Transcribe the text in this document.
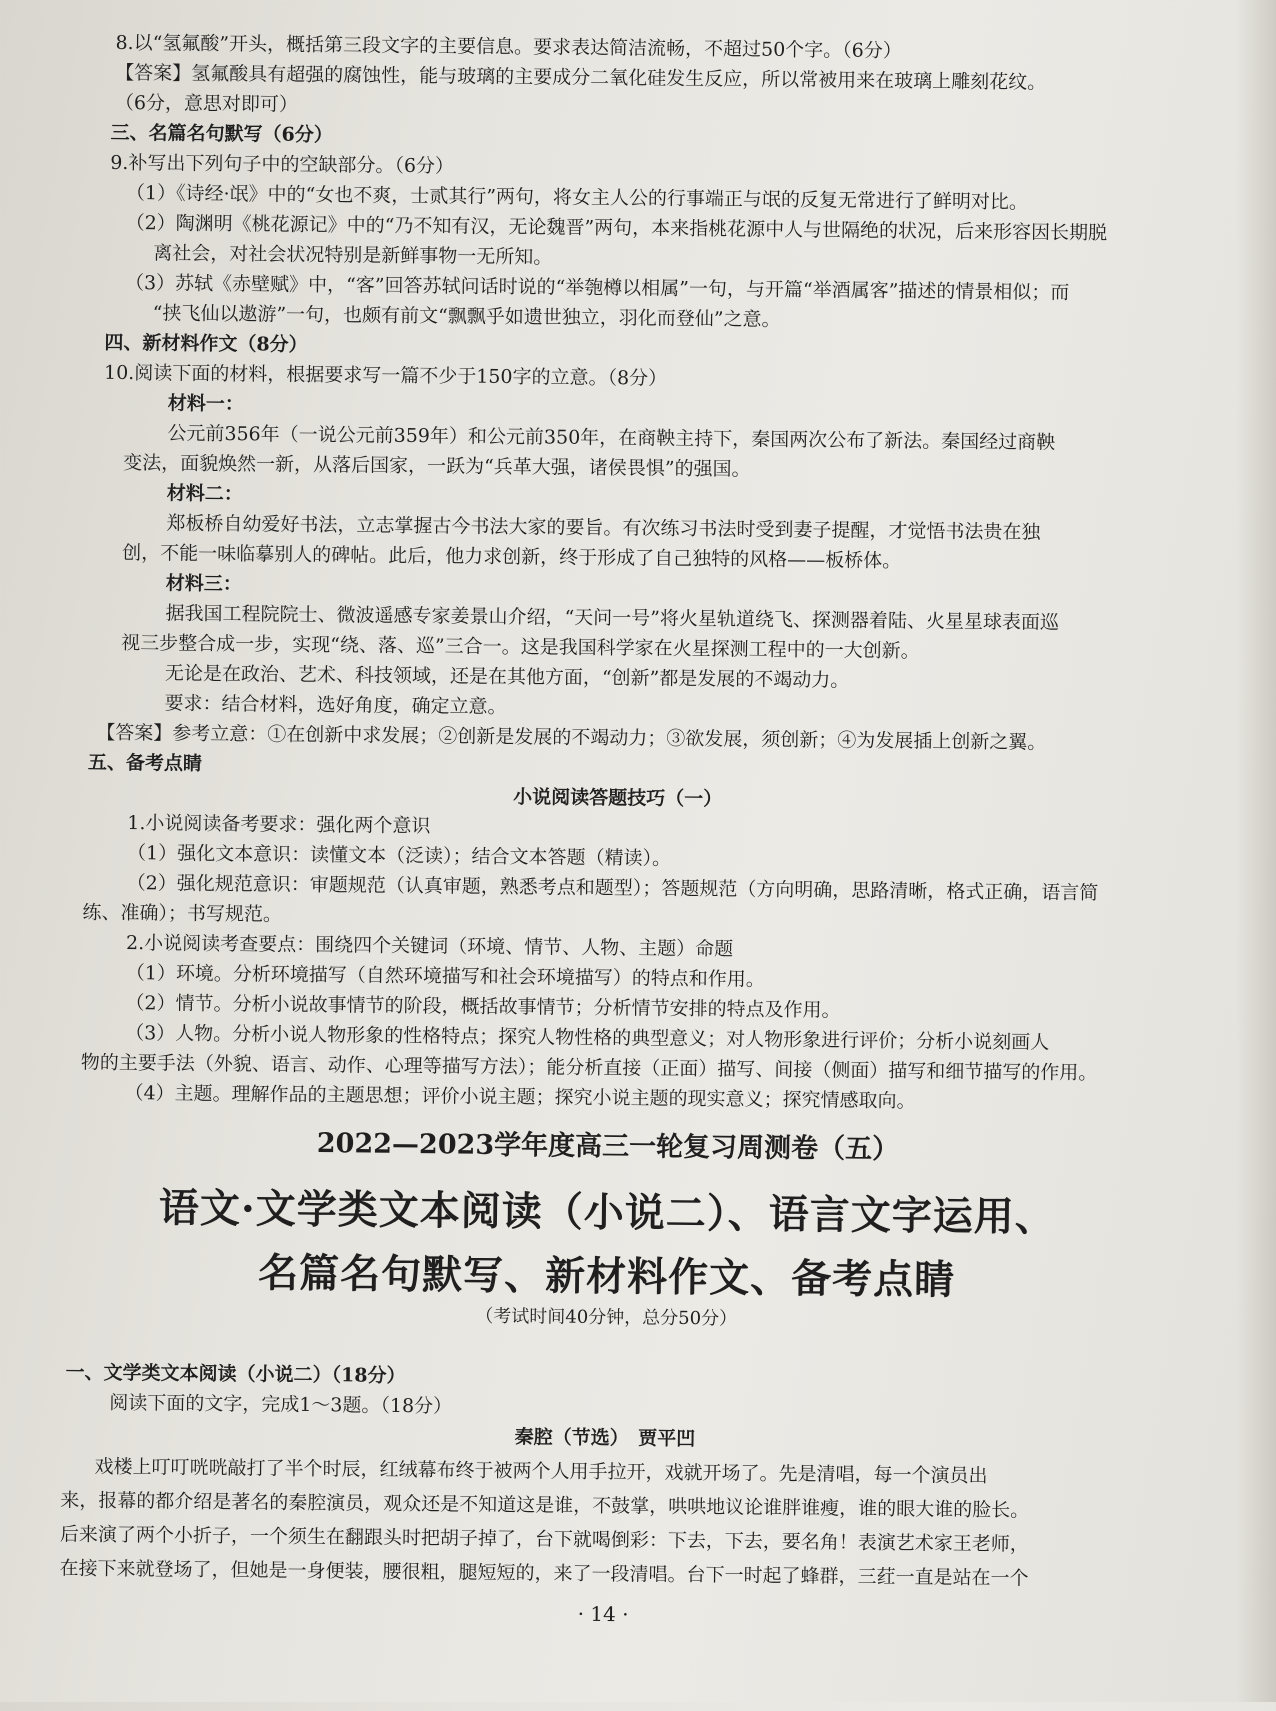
8.以“氢氟酸”开头，概括第三段文字的主要信息。要求表达简洁流畅，不超过50个字。（6分）
【答案】氢氟酸具有超强的腐蚀性，能与玻璃的主要成分二氧化硅发生反应，所以常被用来在玻璃上雕刻花纹。
（6分，意思对即可）
三、名篇名句默写（6分）
9.补写出下列句子中的空缺部分。（6分）
（1）《诗经·氓》中的“女也不爽，士贰其行”两句，将女主人公的行事端正与氓的反复无常进行了鲜明对比。
（2）陶渊明《桃花源记》中的“乃不知有汉，无论魏晋”两句，本来指桃花源中人与世隔绝的状况，后来形容因长期脱
离社会，对社会状况特别是新鲜事物一无所知。
（3）苏轼《赤壁赋》中，“客”回答苏轼问话时说的“举匏樽以相属”一句，与开篇“举酒属客”描述的情景相似；而
“挟飞仙以遨游”一句，也颇有前文“飘飘乎如遗世独立，羽化而登仙”之意。
四、新材料作文（8分）
10.阅读下面的材料，根据要求写一篇不少于150字的立意。（8分）
材料一：
公元前356年（一说公元前359年）和公元前350年，在商鞅主持下，秦国两次公布了新法。秦国经过商鞅
变法，面貌焕然一新，从落后国家，一跃为“兵革大强，诸侯畏惧”的强国。
材料二：
郑板桥自幼爱好书法，立志掌握古今书法大家的要旨。有次练习书法时受到妻子提醒，才觉悟书法贵在独
创，不能一味临摹别人的碑帖。此后，他力求创新，终于形成了自己独特的风格——板桥体。
材料三：
据我国工程院院士、微波遥感专家姜景山介绍，“天问一号”将火星轨道绕飞、探测器着陆、火星星球表面巡
视三步整合成一步，实现“绕、落、巡”三合一。这是我国科学家在火星探测工程中的一大创新。
无论是在政治、艺术、科技领域，还是在其他方面，“创新”都是发展的不竭动力。
要求：结合材料，选好角度，确定立意。
【答案】参考立意：①在创新中求发展；②创新是发展的不竭动力；③欲发展，须创新；④为发展插上创新之翼。
五、备考点睛
小说阅读答题技巧（一）
1.小说阅读备考要求：强化两个意识
（1）强化文本意识：读懂文本（泛读）；结合文本答题（精读）。
（2）强化规范意识：审题规范（认真审题，熟悉考点和题型）；答题规范（方向明确，思路清晰，格式正确，语言简
练、准确）；书写规范。
2.小说阅读考查要点：围绕四个关键词（环境、情节、人物、主题）命题
（1）环境。分析环境描写（自然环境描写和社会环境描写）的特点和作用。
（2）情节。分析小说故事情节的阶段，概括故事情节；分析情节安排的特点及作用。
（3）人物。分析小说人物形象的性格特点；探究人物性格的典型意义；对人物形象进行评价；分析小说刻画人
物的主要手法（外貌、语言、动作、心理等描写方法）；能分析直接（正面）描写、间接（侧面）描写和细节描写的作用。
（4）主题。理解作品的主题思想；评价小说主题；探究小说主题的现实意义；探究情感取向。
2022—2023学年度高三一轮复习周测卷（五）
语文·文学类文本阅读（小说二）、语言文字运用、
名篇名句默写、新材料作文、备考点睛
（考试时间40分钟，总分50分）
一、文学类文本阅读（小说二）（18分）
阅读下面的文字，完成1～3题。（18分）
秦腔（节选）　贾平凹
戏楼上叮叮咣咣敲打了半个时辰，红绒幕布终于被两个人用手拉开，戏就开场了。先是清唱，每一个演员出
来，报幕的都介绍是著名的秦腔演员，观众还是不知道这是谁，不鼓掌，哄哄地议论谁胖谁瘦，谁的眼大谁的脸长。
后来演了两个小折子，一个须生在翻跟头时把胡子掉了，台下就喝倒彩：下去，下去，要名角！表演艺术家王老师，
在接下来就登场了，但她是一身便装，腰很粗，腿短短的，来了一段清唱。台下一时起了蜂群，三荭一直是站在一个
· 14 ·
